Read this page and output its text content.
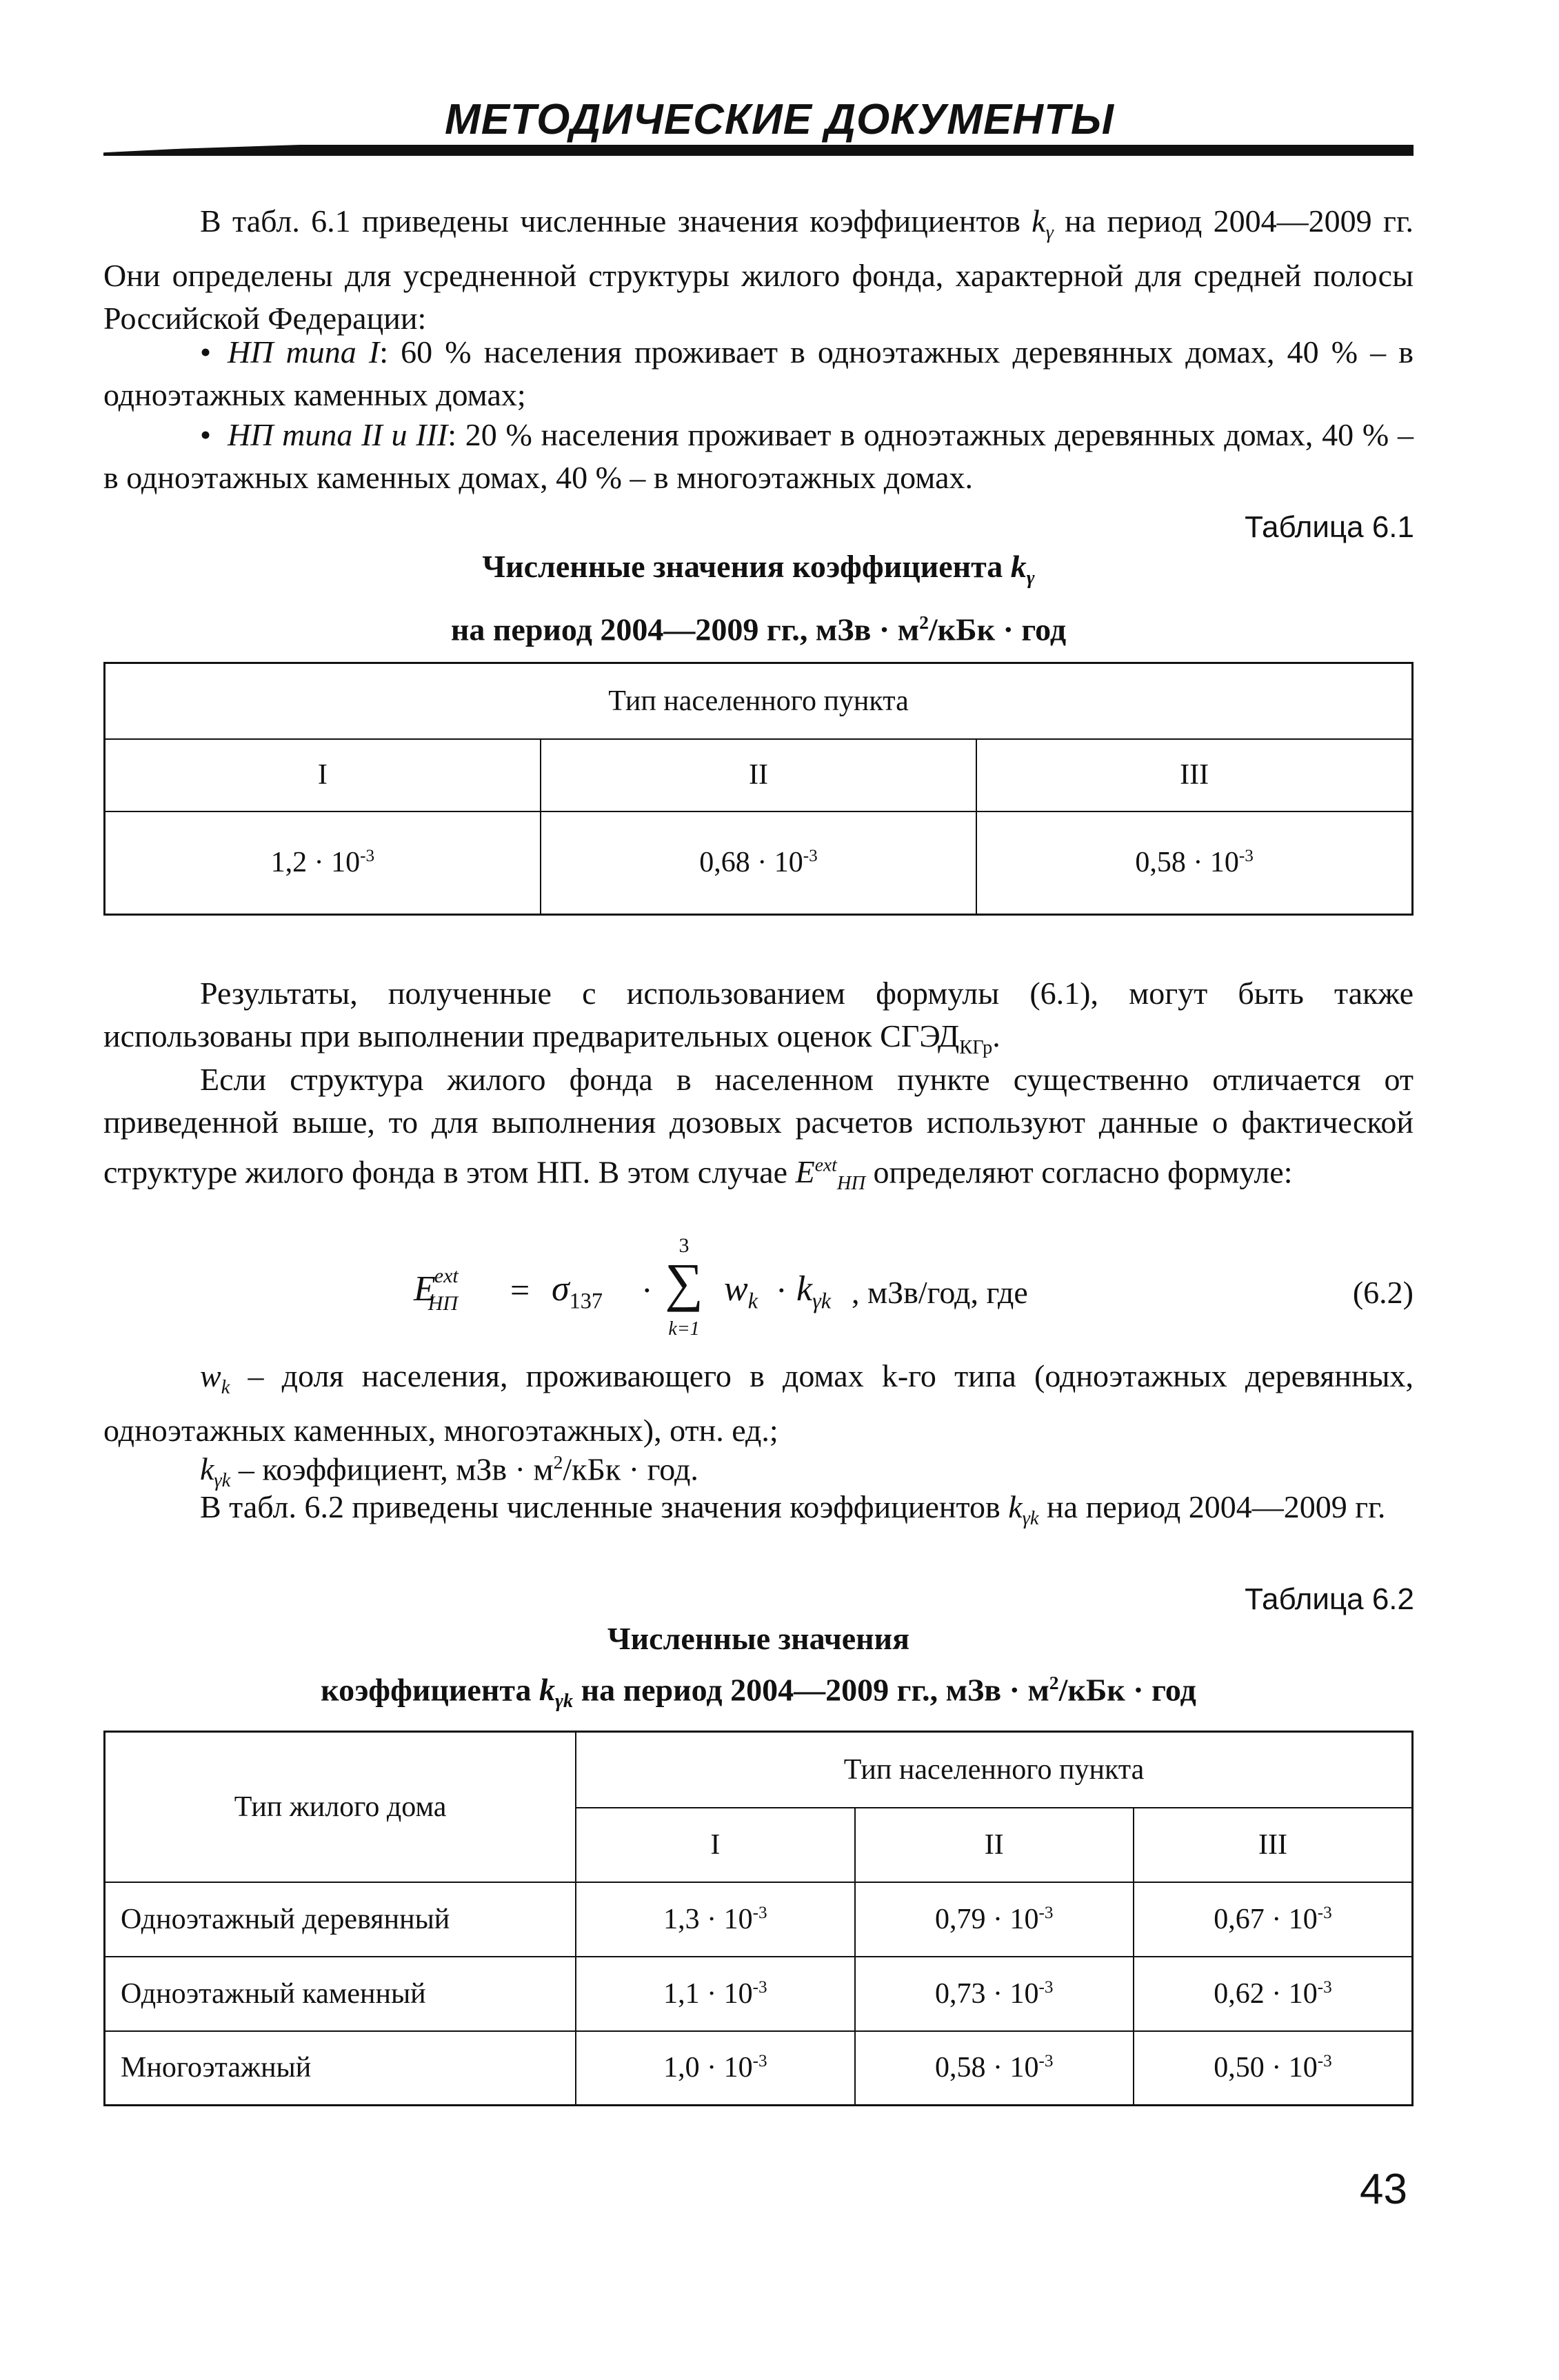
МЕТОДИЧЕСКИЕ ДОКУМЕНТЫ

В табл. 6.1 приведены численные значения коэффициентов $k_\gamma$ на период 2004—2009 гг. Они определены для усредненной структуры жилого фонда, характерной для средней полосы Российской Федерации:

• НП типа I: 60 % населения проживает в одноэтажных деревянных домах, 40 % – в одноэтажных каменных домах;

• НП типа II и III: 20 % населения проживает в одноэтажных деревянных домах, 40 % – в одноэтажных каменных домах, 40 % – в многоэтажных домах.

Таблица 6.1
Численные значения коэффициента $k_\gamma$
на период 2004—2009 гг., мЗв · $м^2$/кБк · год
Тип населенного пункта		
I	II	III
$1,2 \cdot 10^{-3}$	$0,68 \cdot 10^{-3}$	$0,58 \cdot 10^{-3}$

Результаты, полученные с использованием формулы (6.1), могут быть также использованы при выполнении предварительных оценок $СГЭД_{КГр}$.

Если структура жилого фонда в населенном пункте существенно отличается от приведенной выше, то для выполнения дозовых расчетов используют данные о фактической структуре жилого фонда в этом НП. В этом случае $E^{ext}_{НП}$ определяют согласно формуле:

$E^{ext}_{НП}$	= $\sigma_{137}$ ·
3
∑
k=1
$w_k \cdot k_{\gamma k}$ , мЗв/год, где	(6.2)

$w_k$ – доля населения, проживающего в домах k-го типа (одноэтажных деревянных, одноэтажных каменных, многоэтажных), отн. ед.;

$k_{\gamma k}$ – коэффициент, мЗв · $м^2$/кБк · год.

В табл. 6.2 приведены численные значения коэффициентов $k_{\gamma k}$ на период 2004—2009 гг.

Таблица 6.2
Численные значения
коэффициента $k_{\gamma k}$ на период 2004—2009 гг., мЗв · $м^2$/кБк · год
Тип жилого дома	Тип населенного пункта		
	I	II	III
Одноэтажный деревянный	$1,3 \cdot 10^{-3}$	$0,79 \cdot 10^{-3}$	$0,67 \cdot 10^{-3}$
Одноэтажный каменный	$1,1 \cdot 10^{-3}$	$0,73 \cdot 10^{-3}$	$0,62 \cdot 10^{-3}$
Многоэтажный	$1,0 \cdot 10^{-3}$	$0,58 \cdot 10^{-3}$	$0,50 \cdot 10^{-3}$
43
